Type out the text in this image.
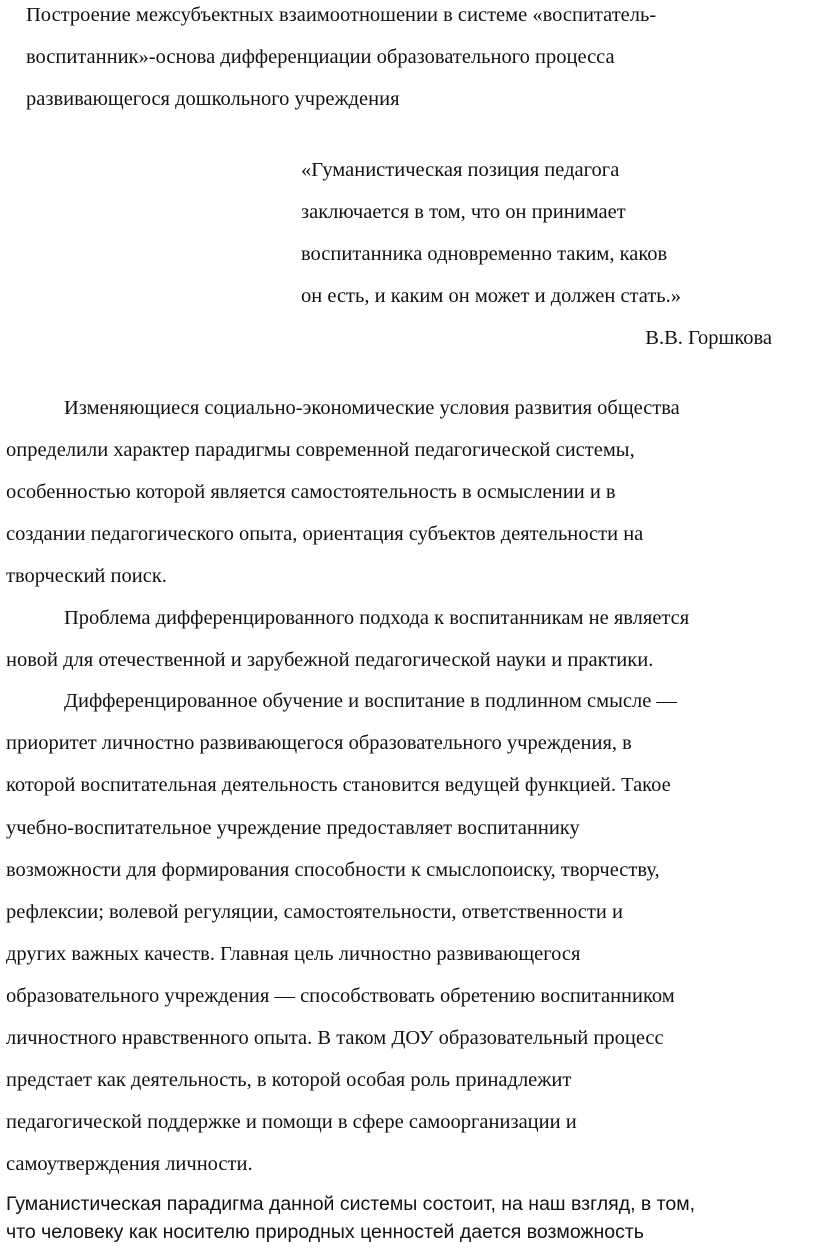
Построение межсубъектных взаимоотношении в системе «воспитатель-
воспитанник»-основа дифференциации образовательного процесса
развивающегося дошкольного учреждения
«Гуманистическая позиция педагога
заключается в том, что он принимает
воспитанника одновременно таким, каков
он есть, и каким он может и должен стать.»
В.В. Горшкова
Изменяющиеся социально-экономические условия развития общества
определили характер парадигмы современной педагогической системы,
особенностью которой является самостоятельность в осмыслении и в
создании педагогического опыта, ориентация субъектов деятельности на
творческий поиск.
Проблема дифференцированного подхода к воспитанникам не является
новой для отечественной и зарубежной педагогической науки и практики.
Дифференцированное обучение и воспитание в подлинном смысле —
приоритет личностно развивающегося образовательного учреждения, в
которой воспитательная деятельность становится ведущей функцией. Такое
учебно-воспитательное учреждение предоставляет воспитаннику
возможности для формирования способности к смыслопоиску, творчеству,
рефлексии; волевой регуляции, самостоятельности, ответственности и
других важных качеств. Главная цель личностно развивающегося
образовательного учреждения — способствовать обретению воспитанником
личностного нравственного опыта. В таком ДОУ образовательный процесс
предстает как деятельность, в которой особая роль принадлежит
педагогической поддержке и помощи в сфере самоорганизации и
самоутверждения личности.
Гуманистическая парадигма данной системы состоит, на наш взгляд, в том,
что человеку как носителю природных ценностей дается возможность
